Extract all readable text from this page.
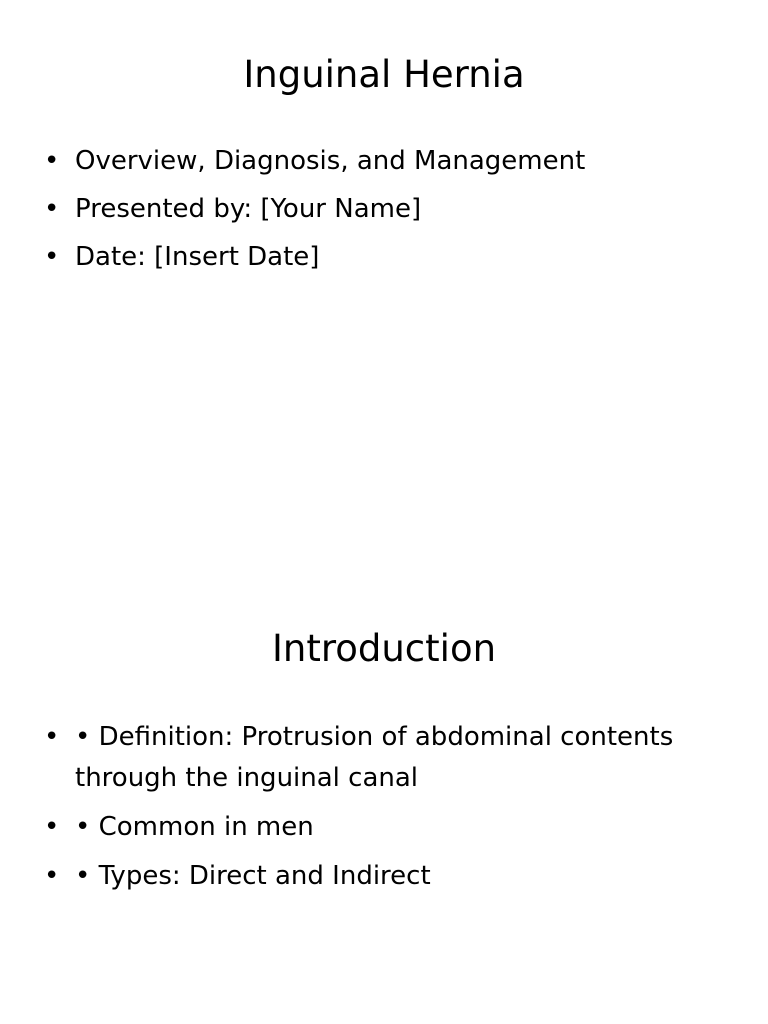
Inguinal Hernia
• Overview, Diagnosis, and Management
• Presented by: [Your Name]
• Date: [Insert Date]
Introduction
• • Definition: Protrusion of abdominal contents through the inguinal canal
• • Common in men
• • Types: Direct and Indirect
